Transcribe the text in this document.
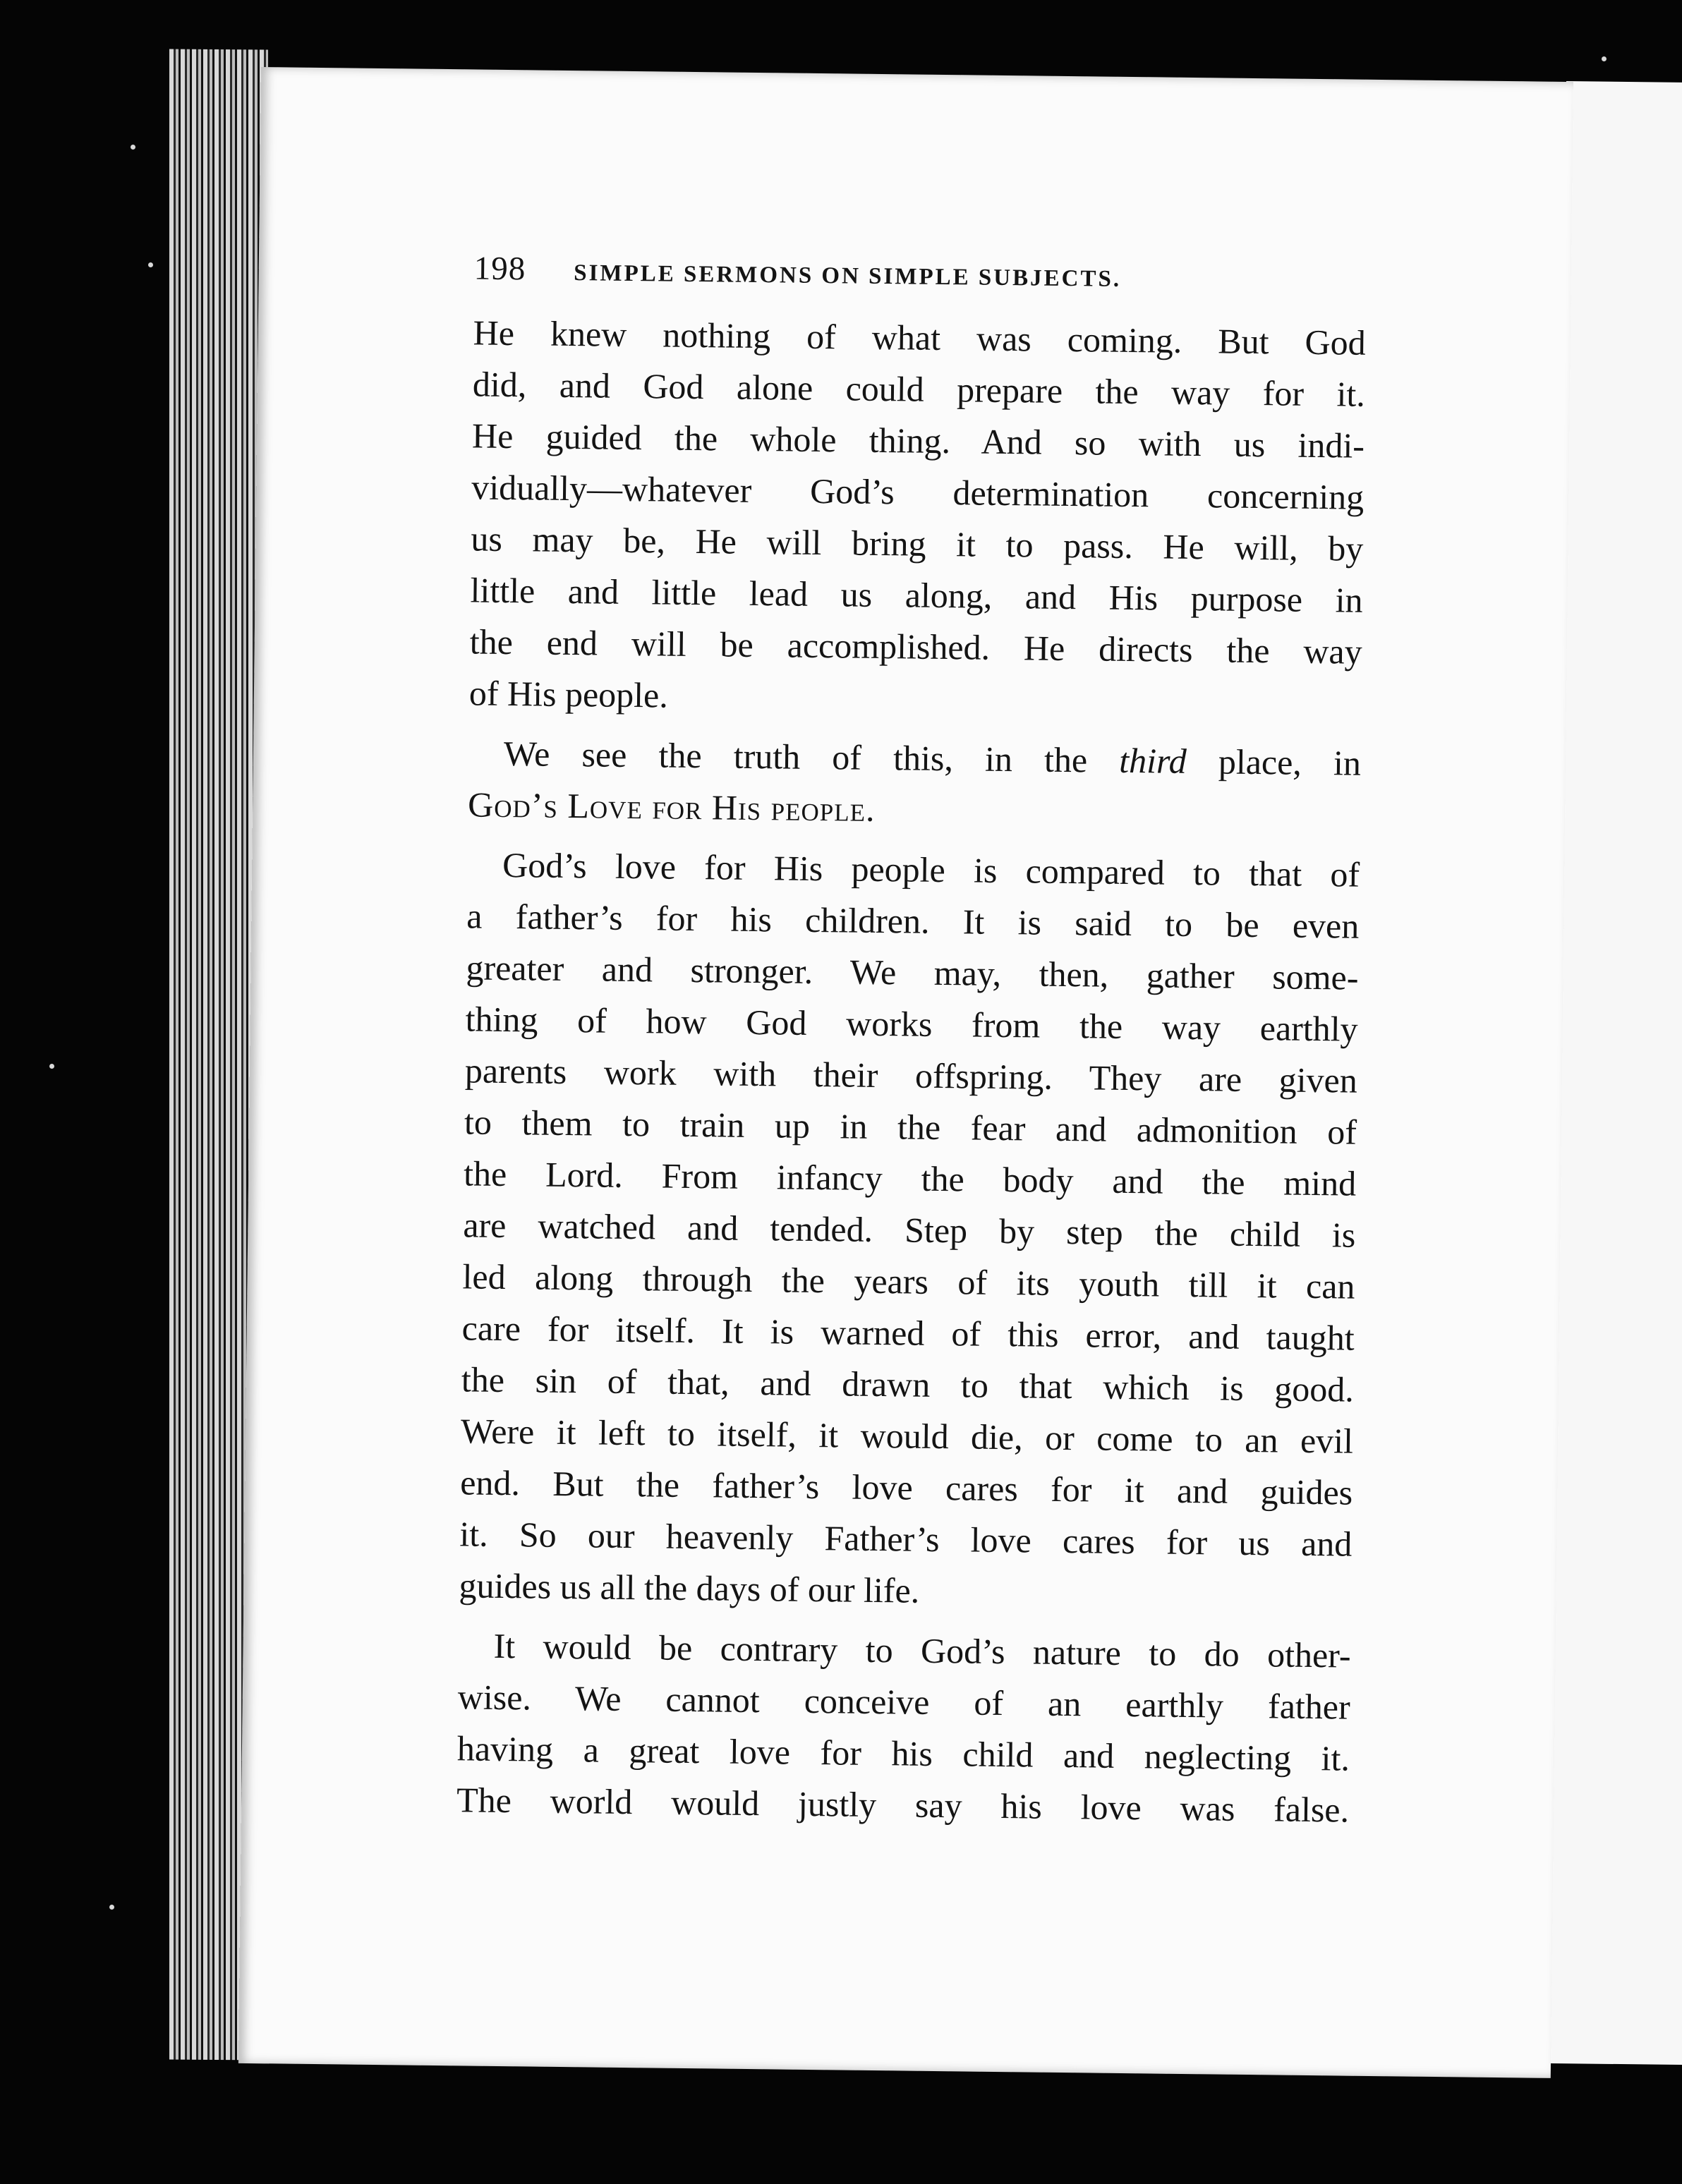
198 SIMPLE SERMONS ON SIMPLE SUBJECTS.

He knew nothing of what was coming. But God
did, and God alone could prepare the way for it.
He guided the whole thing. And so with us indi-
vidually—whatever God’s determination concerning
us may be, He will bring it to pass. He will, by
little and little lead us along, and His purpose in
the end will be accomplished. He directs the way
of His people.

We see the truth of this, in the third place, in

God’s Love for His people.

God’s love for His people is compared to that of
a father’s for his children. It is said to be even
greater and stronger. We may, then, gather some-
thing of how God works from the way earthly
parents work with their offspring. They are given
to them to train up in the fear and admonition of
the Lord. From infancy the body and the mind
are watched and tended. Step by step the child is
led along through the years of its youth till it can
care for itself. It is warned of this error, and taught
the sin of that, and drawn to that which is good.
Were it left to itself, it would die, or come to an evil
end. But the father’s love cares for it and guides
it. So our heavenly Father’s love cares for us and
guides us all the days of our life.

It would be contrary to God’s nature to do other-
wise. We cannot conceive of an earthly father
having a great love for his child and neglecting it.
The world would justly say his love was false.
